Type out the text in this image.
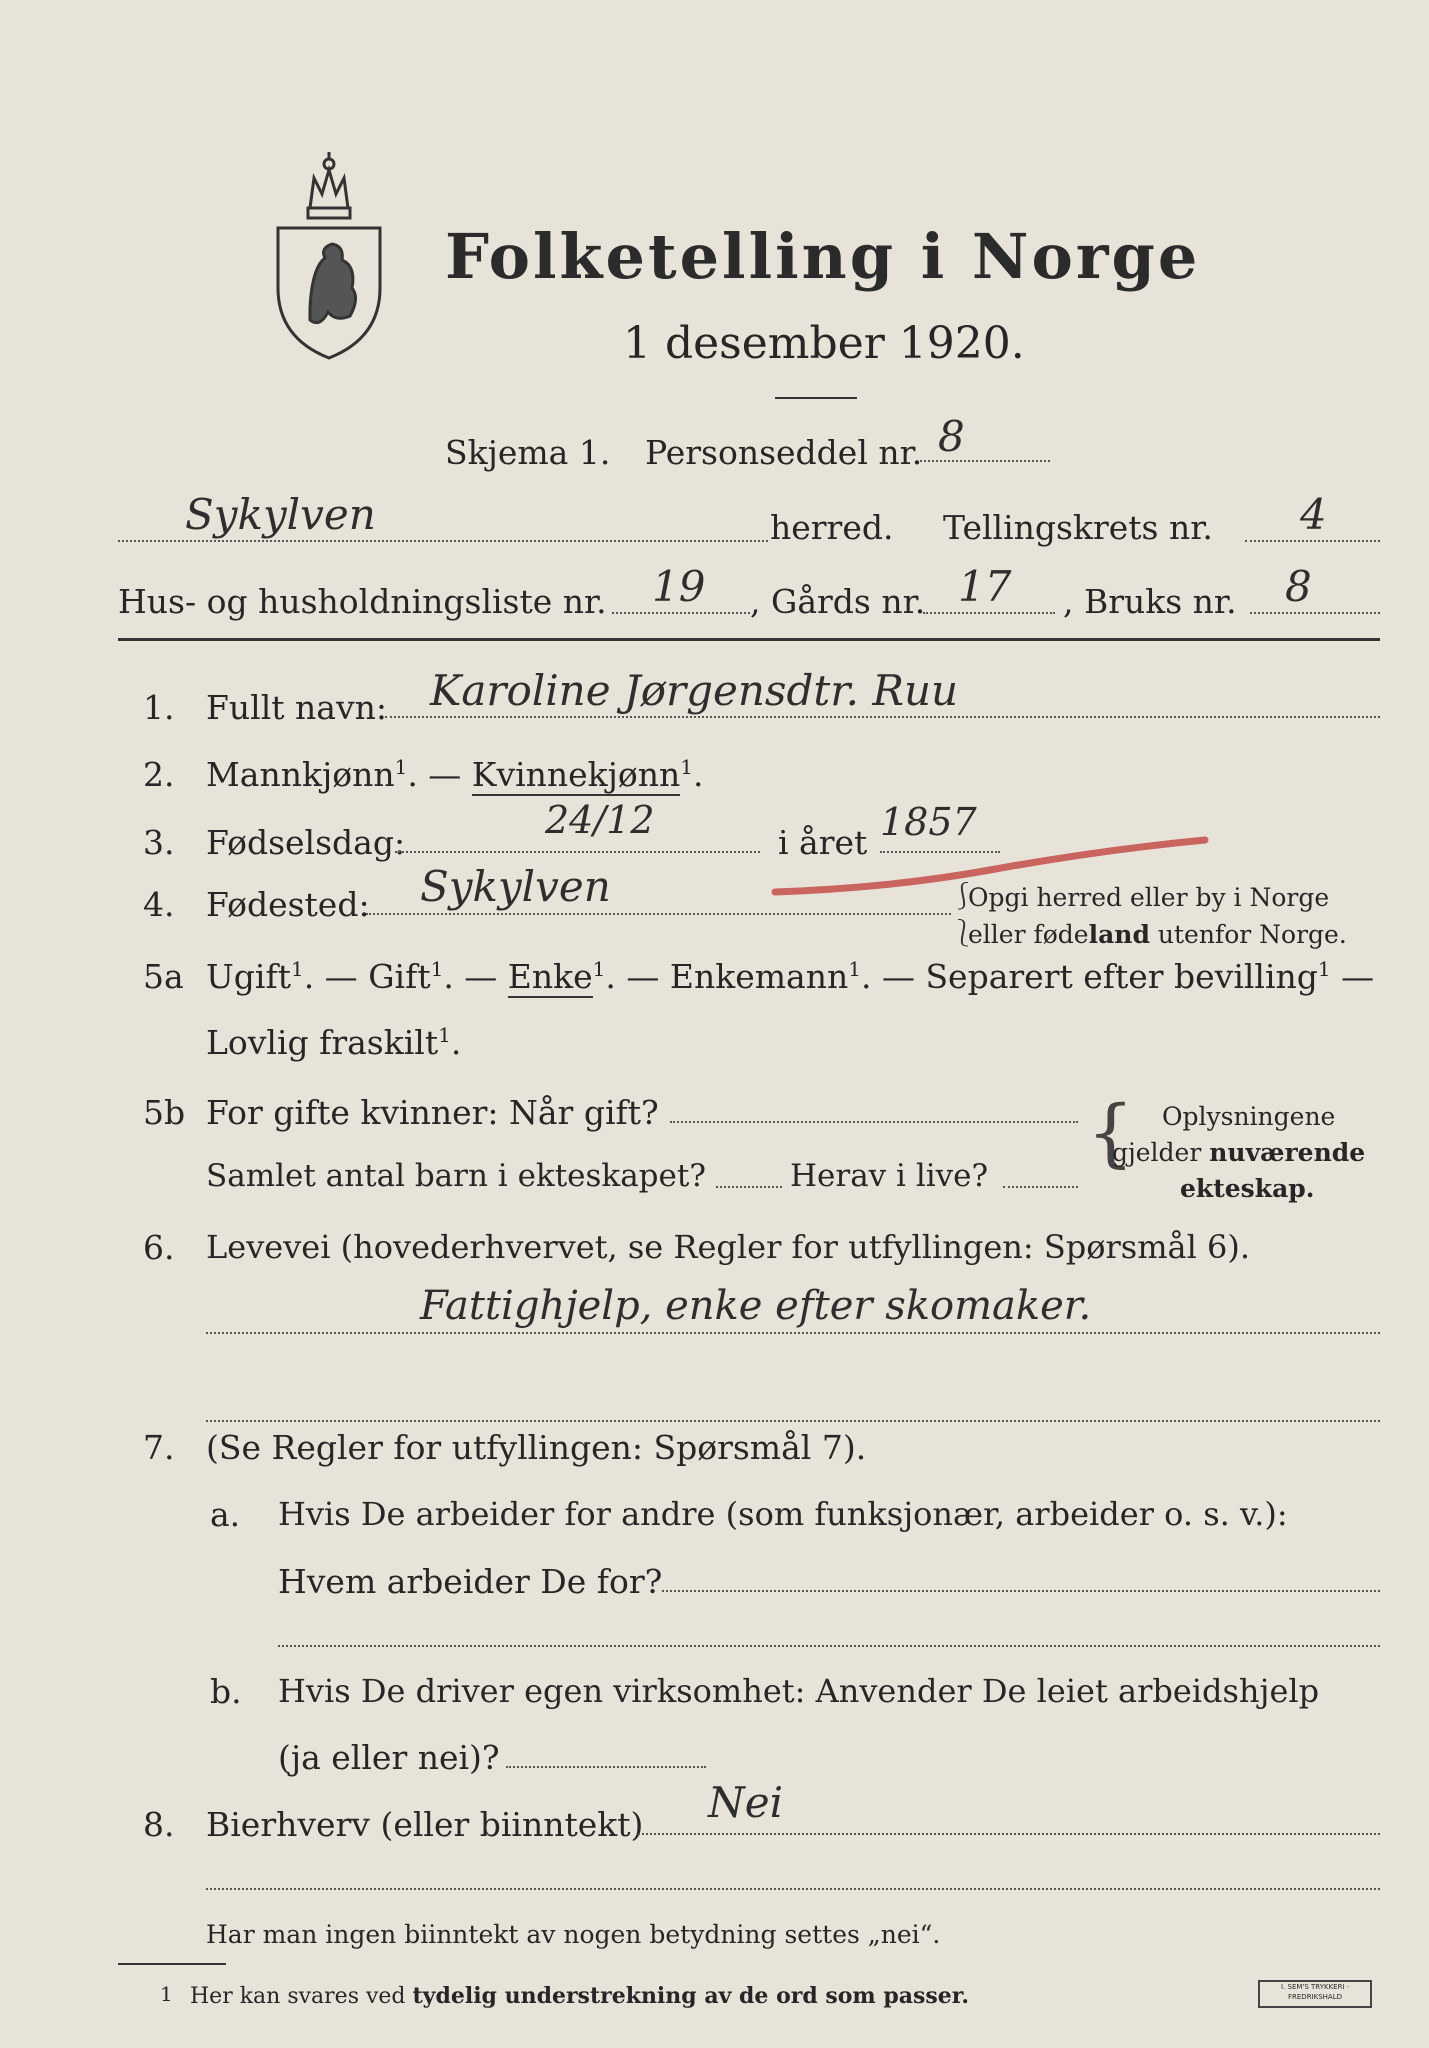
Folketelling i Norge
1 desember 1920.
Skjema 1. Personseddel nr. 8
Sykylven	herred. Tellingskrets nr. 4
Hus- og husholdningsliste nr. 19 , Gårds nr. 17 , Bruks nr. 8
1. Fullt navn: Karoline Jørgensdtr. Ruu
2. Mannkjønn$^1$. — Kvinnekjønn$^1$.
3. Fødselsdag:
24/12
i året 1857
4. Fødested: Sykylven	⎰
⎱
Opgi herred eller by i Norge
eller fødeland utenfor Norge.
5a Ugift$^1$. — Gift$^1$. — Enke$^1$. — Enkemann$^1$. — Separert efter bevilling$^1$ —
Lovlig fraskilt$^1$.
5b For gifte kvinner: Når gift?
Samlet antal barn i ekteskapet?	Herav i live? { Oplysningene
gjelder nuværende
ekteskap.
6. Levevei (hovederhvervet, se Regler for utfyllingen: Spørsmål 6).
Fattighjelp, enke efter skomaker.
7. (Se Regler for utfyllingen: Spørsmål 7).
a. Hvis De arbeider for andre (som funksjonær, arbeider o. s. v.):
Hvem arbeider De for?
b. Hvis De driver egen virksomhet: Anvender De leiet arbeidshjelp
(ja eller nei)?
8. Bierhverv (eller biinntekt) Nei
Har man ingen biinntekt av nogen betydning settes „nei“.
1 Her kan svares ved tydelig understrekning av de ord som passer.	I. SEM'S TRYKKERI · FREDRIKSHALD
